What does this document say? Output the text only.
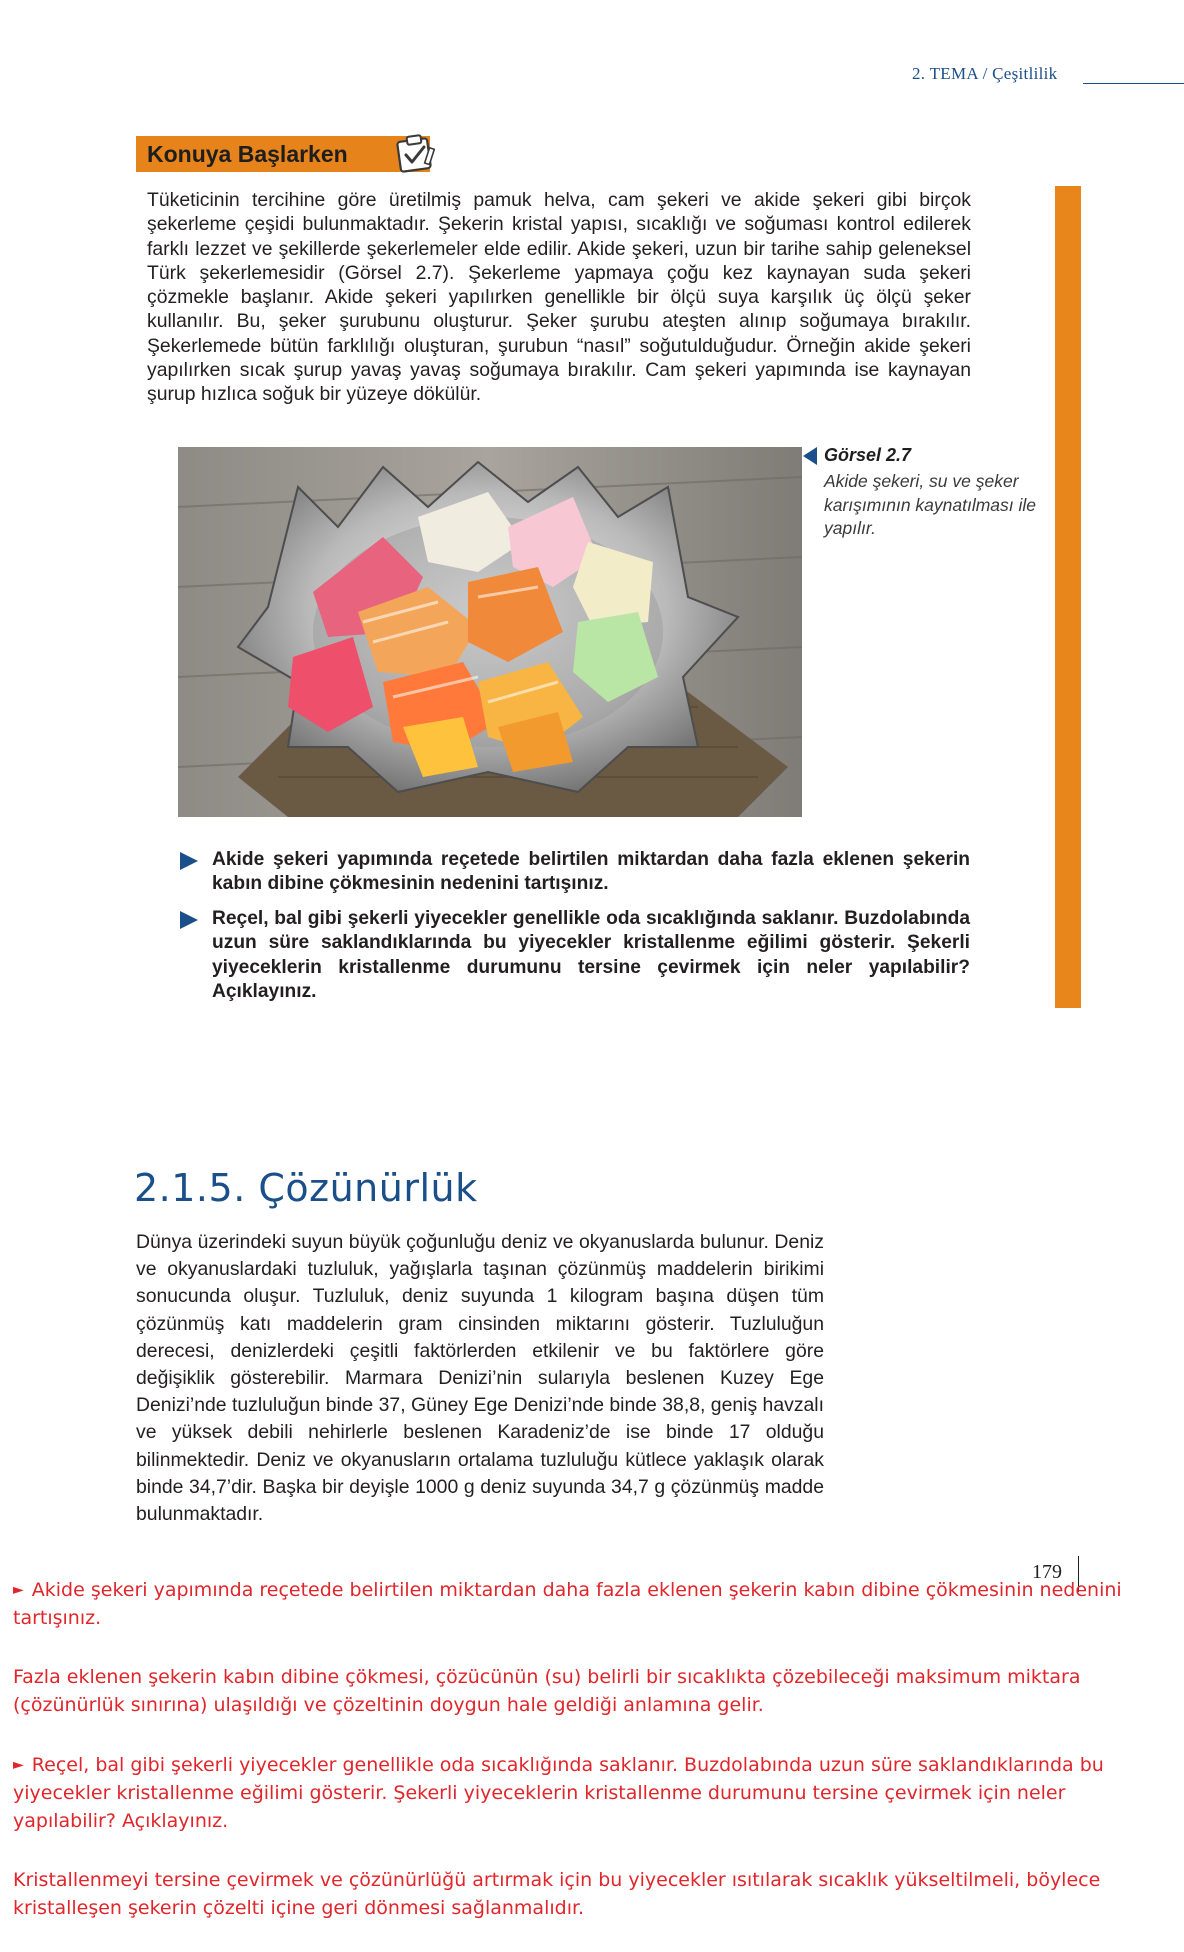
2. TEMA / Çeşitlilik
Konuya Başlarken
Tüketicinin tercihine göre üretilmiş pamuk helva, cam şekeri ve akide şekeri gibi birçok şekerleme çeşidi bulunmaktadır. Şekerin kristal yapısı, sıcaklığı ve soğuması kontrol edilerek farklı lezzet ve şekillerde şekerlemeler elde edilir. Akide şekeri, uzun bir tarihe sahip geleneksel Türk şekerlemesidir (Görsel 2.7). Şekerleme yapmaya çoğu kez kaynayan suda şekeri çözmekle başlanır. Akide şekeri yapılırken genellikle bir ölçü suya karşılık üç ölçü şeker kullanılır. Bu, şeker şurubunu oluşturur. Şeker şurubu ateşten alınıp soğumaya bırakılır. Şekerlemede bütün farklılığı oluşturan, şurubun “nasıl” soğutulduğudur. Örneğin akide şekeri yapılırken sıcak şurup yavaş yavaş soğumaya bırakılır. Cam şekeri yapımında ise kaynayan şurup hızlıca soğuk bir yüzeye dökülür.
Görsel 2.7
Akide şekeri, su ve şeker karışımının kaynatılması ile yapılır.
Akide şekeri yapımında reçetede belirtilen miktardan daha fazla eklenen şekerin kabın dibine çökmesinin nedenini tartışınız.
Reçel, bal gibi şekerli yiyecekler genellikle oda sıcaklığında saklanır. Buzdolabında uzun süre saklandıklarında bu yiyecekler kristallenme eğilimi gösterir. Şekerli yiyeceklerin kristallenme durumunu tersine çevirmek için neler yapılabilir? Açıklayınız.
2.1.5. Çözünürlük
Dünya üzerindeki suyun büyük çoğunluğu deniz ve okyanuslarda bulunur. Deniz ve okyanuslardaki tuzluluk, yağışlarla taşınan çözünmüş maddelerin birikimi sonucunda oluşur. Tuzluluk, deniz suyunda 1 kilogram başına düşen tüm çözünmüş katı maddelerin gram cinsinden miktarını gösterir. Tuzluluğun derecesi, denizlerdeki çeşitli faktörlerden etkilenir ve bu faktörlere göre değişiklik gösterebilir. Marmara Denizi’nin sularıyla beslenen Kuzey Ege Denizi’nde tuzluluğun binde 37, Güney Ege Denizi’nde binde 38,8, geniş havzalı ve yüksek debili nehirlerle beslenen Karadeniz’de ise binde 17 olduğu bilinmektedir. Deniz ve okyanusların ortalama tuzluluğu kütlece yaklaşık olarak binde 34,7’dir. Başka bir deyişle 1000 g deniz suyunda 34,7 g çözünmüş madde bulunmaktadır.
179
► Akide şekeri yapımında reçetede belirtilen miktardan daha fazla eklenen şekerin kabın dibine çökmesinin nedenini tartışınız.
Fazla eklenen şekerin kabın dibine çökmesi, çözücünün (su) belirli bir sıcaklıkta çözebileceği maksimum miktara (çözünürlük sınırına) ulaşıldığı ve çözeltinin doygun hale geldiği anlamına gelir.
► Reçel, bal gibi şekerli yiyecekler genellikle oda sıcaklığında saklanır. Buzdolabında uzun süre saklandıklarında bu yiyecekler kristallenme eğilimi gösterir. Şekerli yiyeceklerin kristallenme durumunu tersine çevirmek için neler yapılabilir? Açıklayınız.
Kristallenmeyi tersine çevirmek ve çözünürlüğü artırmak için bu yiyecekler ısıtılarak sıcaklık yükseltilmeli, böylece kristalleşen şekerin çözelti içine geri dönmesi sağlanmalıdır.
